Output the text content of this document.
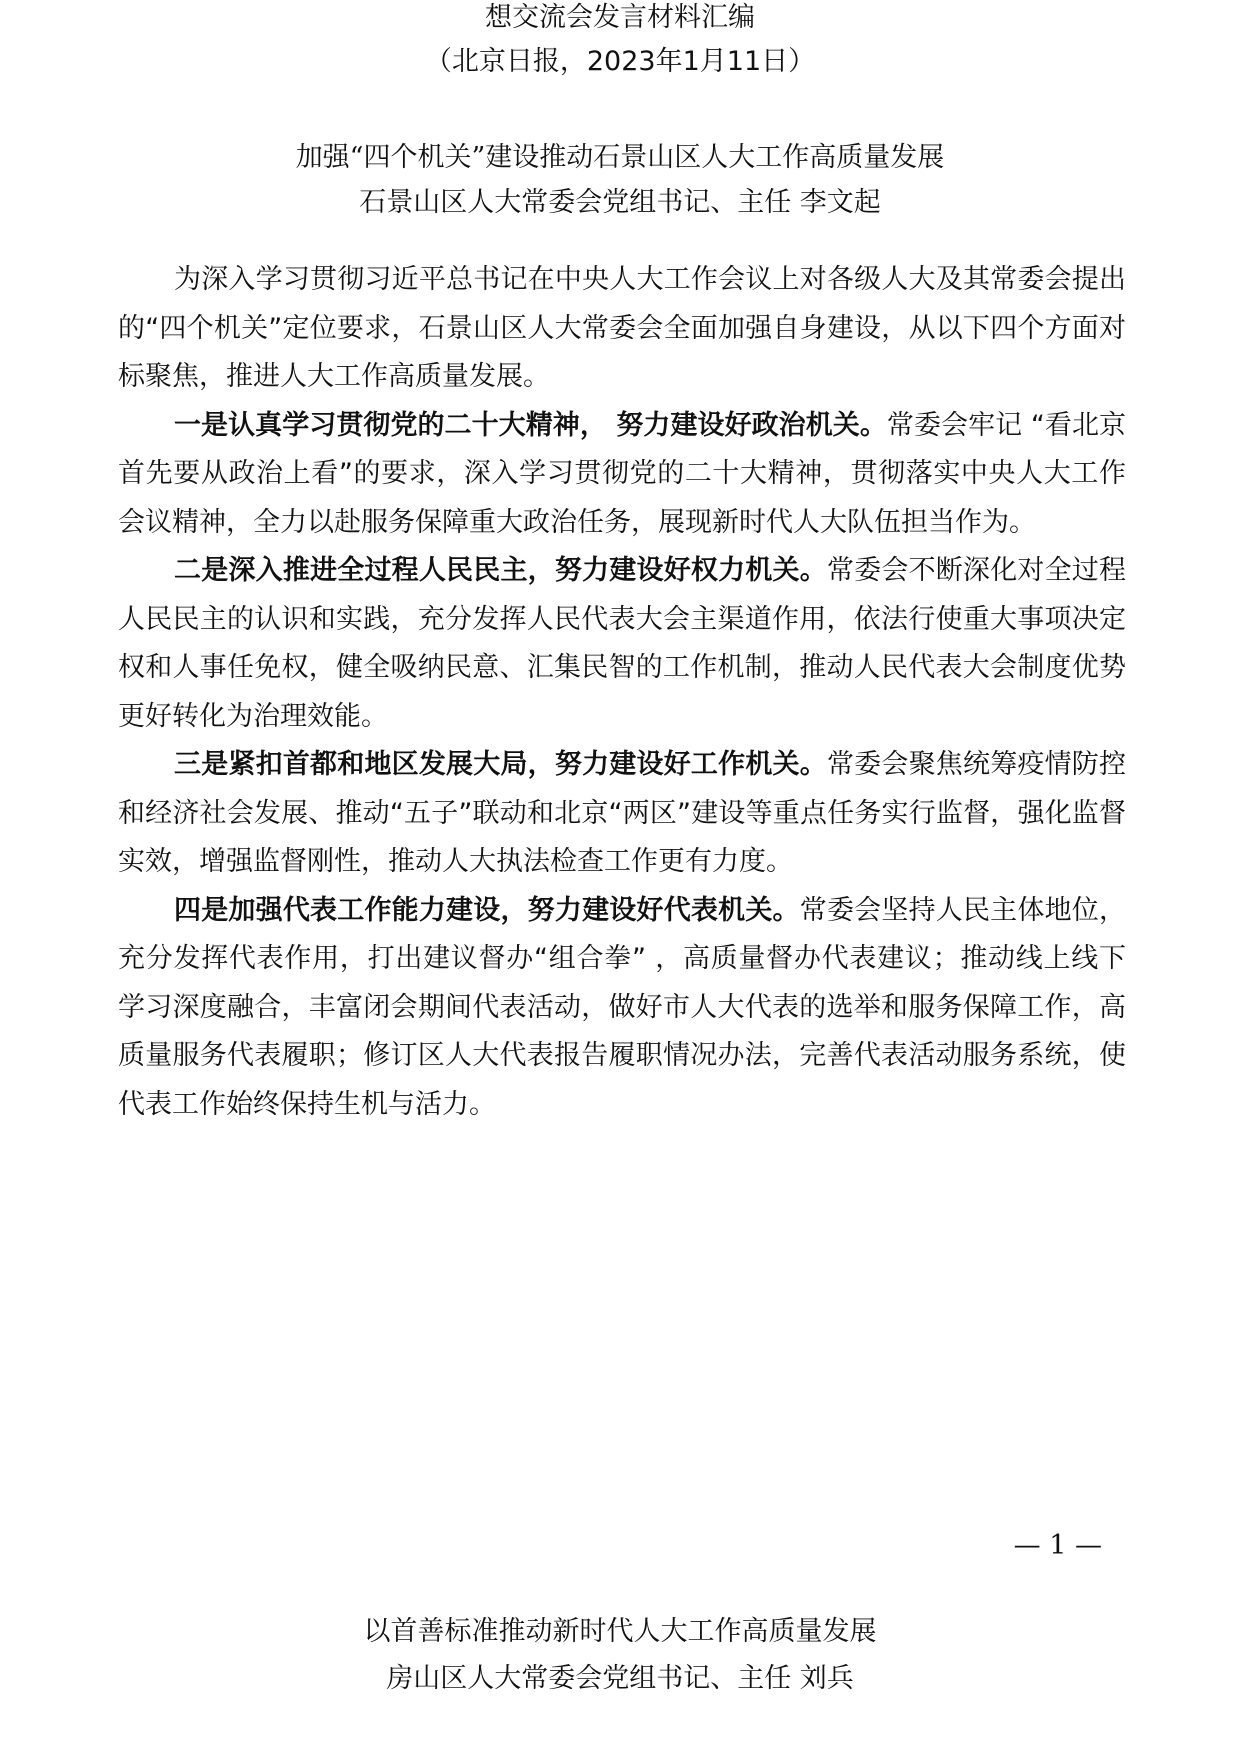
想交流会发言材料汇编
（北京日报，2023年1月11日）
加强“四个机关”建设推动石景山区人大工作高质量发展
石景山区人大常委会党组书记、主任 李文起

为深入学习贯彻习近平总书记在中央人大工作会议上对各级人大及其常委会提出的“四个机关”定位要求，石景山区人大常委会全面加强自身建设，从以下四个方面对标聚焦，推进人大工作高质量发展。

一是认真学习贯彻党的二十大精神， 努力建设好政治机关。常委会牢记 “看北京首先要从政治上看”的要求，深入学习贯彻党的二十大精神，贯彻落实中央人大工作会议精神，全力以赴服务保障重大政治任务，展现新时代人大队伍担当作为。

二是深入推进全过程人民民主，努力建设好权力机关。常委会不断深化对全过程人民民主的认识和实践，充分发挥人民代表大会主渠道作用，依法行使重大事项决定权和人事任免权，健全吸纳民意、汇集民智的工作机制，推动人民代表大会制度优势更好转化为治理效能。

三是紧扣首都和地区发展大局，努力建设好工作机关。常委会聚焦统筹疫情防控和经济社会发展、推动“五子”联动和北京“两区”建设等重点任务实行监督，强化监督实效，增强监督刚性，推动人大执法检查工作更有力度。

四是加强代表工作能力建设，努力建设好代表机关。常委会坚持人民主体地位，充分发挥代表作用，打出建议督办“组合拳” ，高质量督办代表建议；推动线上线下学习深度融合，丰富闭会期间代表活动，做好市人大代表的选举和服务保障工作，高质量服务代表履职；修订区人大代表报告履职情况办法，完善代表活动服务系统，使代表工作始终保持生机与活力。

— 1 —
以首善标准推动新时代人大工作高质量发展
房山区人大常委会党组书记、主任 刘兵
